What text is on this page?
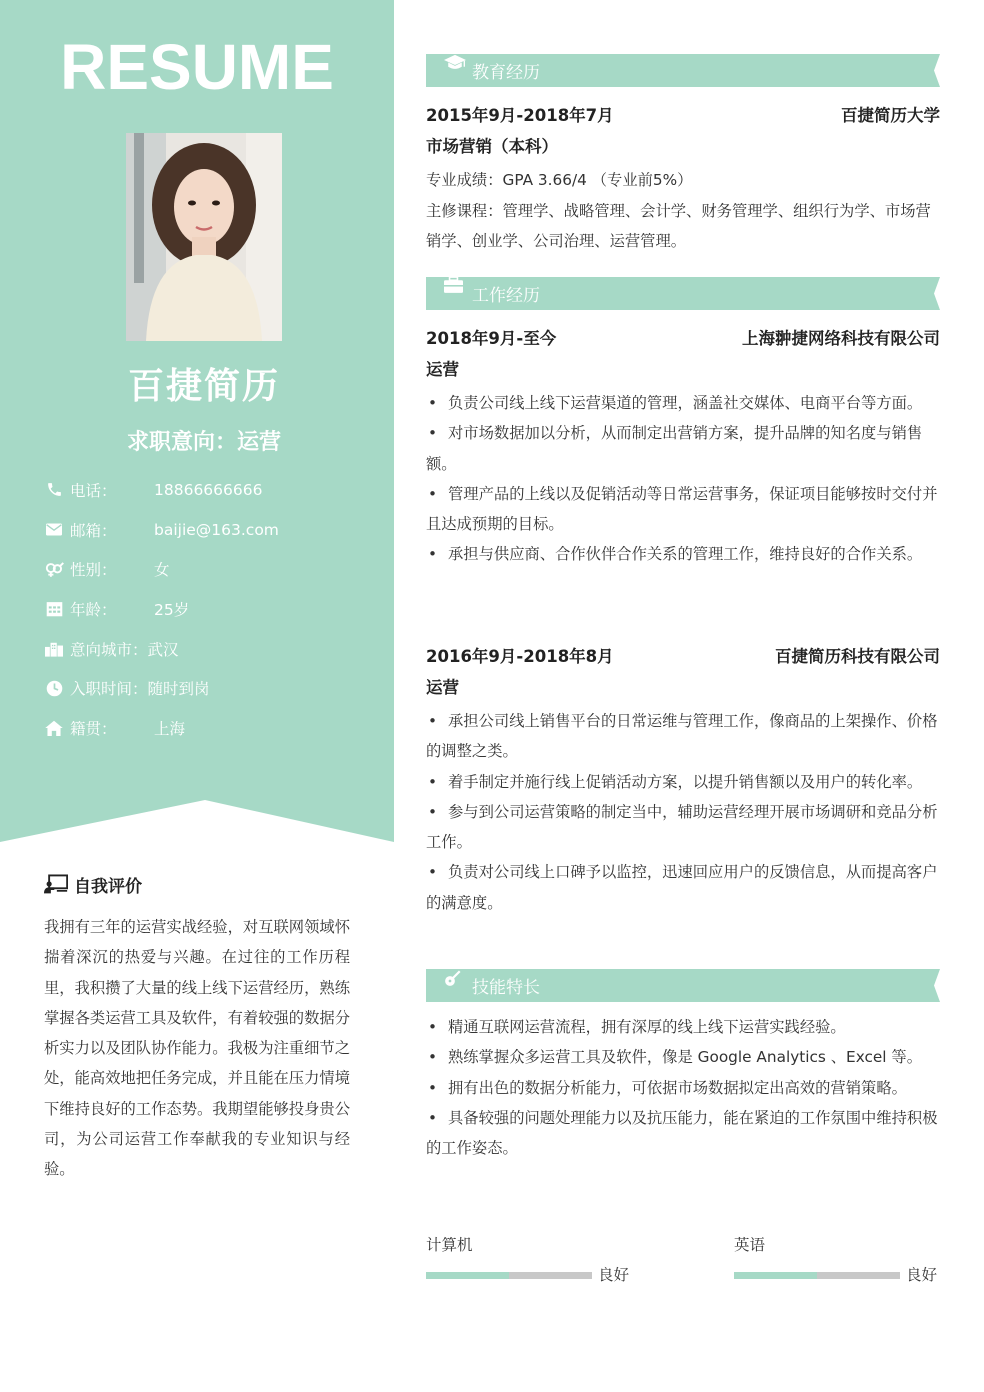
RESUME
百捷简历
求职意向：运营
电话：	18866666666
邮箱：	baijie@163.com
性别：	女
年龄：	25岁
意向城市 ： 武汉
入职时间 ： 随时到岗
籍贯：	上海
自我评价
我拥有三年的运营实战经验，对互联网领域怀揣着深沉的热爱与兴趣。在过往的工作历程里，我积攒了大量的线上线下运营经历，熟练掌握各类运营工具及软件，有着较强的数据分析实力以及团队协作能力。我极为注重细节之处，能高效地把任务完成，并且能在压力情境下维持良好的工作态势。我期望能够投身贵公司，为公司运营工作奉献我的专业知识与经验。
教育经历
2015年9月-2018年7月	百捷简历大学
市场营销（本科）
专业成绩：GPA 3.66/4 （专业前5%）
主修课程：管理学、战略管理、会计学、财务管理学、组织行为学、市场营销学、创业学、公司治理、运营管理。
工作经历
2018年9月-至今	上海翀捷网络科技有限公司
运营

• 负责公司线上线下运营渠道的管理，涵盖社交媒体、电商平台等方面。

• 对市场数据加以分析，从而制定出营销方案，提升品牌的知名度与销售额。

• 管理产品的上线以及促销活动等日常运营事务，保证项目能够按时交付并且达成预期的目标。

• 承担与供应商、合作伙伴合作关系的管理工作，维持良好的合作关系。

2016年9月-2018年8月	百捷简历科技有限公司
运营

• 承担公司线上销售平台的日常运维与管理工作，像商品的上架操作、价格的调整之类。

• 着手制定并施行线上促销活动方案，以提升销售额以及用户的转化率。

• 参与到公司运营策略的制定当中，辅助运营经理开展市场调研和竞品分析工作。

• 负责对公司线上口碑予以监控，迅速回应用户的反馈信息，从而提高客户的满意度。

技能特长

• 精通互联网运营流程，拥有深厚的线上线下运营实践经验。

• 熟练掌握众多运营工具及软件，像是 Google Analytics 、Excel 等。

• 拥有出色的数据分析能力，可依据市场数据拟定出高效的营销策略。

• 具备较强的问题处理能力以及抗压能力，能在紧迫的工作氛围中维持积极的工作姿态。

计算机
良好
英语
良好
